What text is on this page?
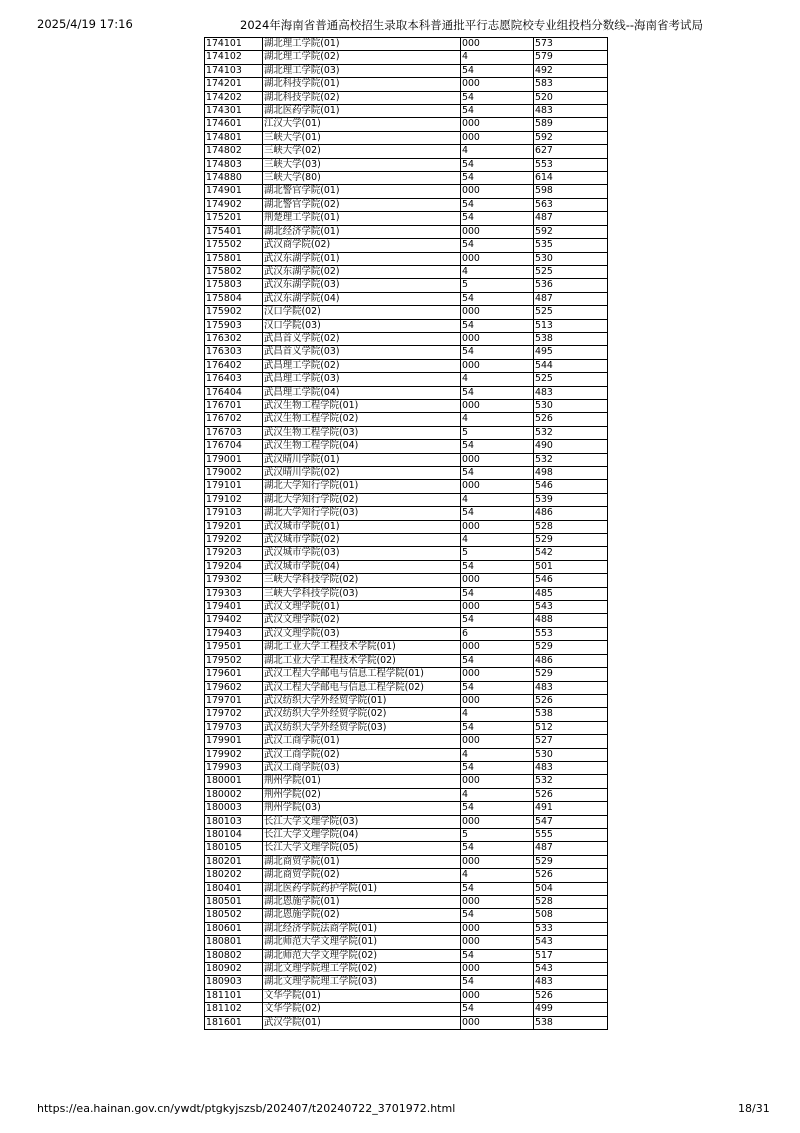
2025/4/19 17:16	2024年海南省普通高校招生录取本科普通批平行志愿院校专业组投档分数线--海南省考试局
174101	湖北理工学院(01)	000	573
174102	湖北理工学院(02)	4	579
174103	湖北理工学院(03)	54	492
174201	湖北科技学院(01)	000	583
174202	湖北科技学院(02)	54	520
174301	湖北医药学院(01)	54	483
174601	江汉大学(01)	000	589
174801	三峡大学(01)	000	592
174802	三峡大学(02)	4	627
174803	三峡大学(03)	54	553
174880	三峡大学(80)	54	614
174901	湖北警官学院(01)	000	598
174902	湖北警官学院(02)	54	563
175201	荆楚理工学院(01)	54	487
175401	湖北经济学院(01)	000	592
175502	武汉商学院(02)	54	535
175801	武汉东湖学院(01)	000	530
175802	武汉东湖学院(02)	4	525
175803	武汉东湖学院(03)	5	536
175804	武汉东湖学院(04)	54	487
175902	汉口学院(02)	000	525
175903	汉口学院(03)	54	513
176302	武昌首义学院(02)	000	538
176303	武昌首义学院(03)	54	495
176402	武昌理工学院(02)	000	544
176403	武昌理工学院(03)	4	525
176404	武昌理工学院(04)	54	483
176701	武汉生物工程学院(01)	000	530
176702	武汉生物工程学院(02)	4	526
176703	武汉生物工程学院(03)	5	532
176704	武汉生物工程学院(04)	54	490
179001	武汉晴川学院(01)	000	532
179002	武汉晴川学院(02)	54	498
179101	湖北大学知行学院(01)	000	546
179102	湖北大学知行学院(02)	4	539
179103	湖北大学知行学院(03)	54	486
179201	武汉城市学院(01)	000	528
179202	武汉城市学院(02)	4	529
179203	武汉城市学院(03)	5	542
179204	武汉城市学院(04)	54	501
179302	三峡大学科技学院(02)	000	546
179303	三峡大学科技学院(03)	54	485
179401	武汉文理学院(01)	000	543
179402	武汉文理学院(02)	54	488
179403	武汉文理学院(03)	6	553
179501	湖北工业大学工程技术学院(01)	000	529
179502	湖北工业大学工程技术学院(02)	54	486
179601	武汉工程大学邮电与信息工程学院(01)	000	529
179602	武汉工程大学邮电与信息工程学院(02)	54	483
179701	武汉纺织大学外经贸学院(01)	000	526
179702	武汉纺织大学外经贸学院(02)	4	538
179703	武汉纺织大学外经贸学院(03)	54	512
179901	武汉工商学院(01)	000	527
179902	武汉工商学院(02)	4	530
179903	武汉工商学院(03)	54	483
180001	荆州学院(01)	000	532
180002	荆州学院(02)	4	526
180003	荆州学院(03)	54	491
180103	长江大学文理学院(03)	000	547
180104	长江大学文理学院(04)	5	555
180105	长江大学文理学院(05)	54	487
180201	湖北商贸学院(01)	000	529
180202	湖北商贸学院(02)	4	526
180401	湖北医药学院药护学院(01)	54	504
180501	湖北恩施学院(01)	000	528
180502	湖北恩施学院(02)	54	508
180601	湖北经济学院法商学院(01)	000	533
180801	湖北师范大学文理学院(01)	000	543
180802	湖北师范大学文理学院(02)	54	517
180902	湖北文理学院理工学院(02)	000	543
180903	湖北文理学院理工学院(03)	54	483
181101	文华学院(01)	000	526
181102	文华学院(02)	54	499
181601	武汉学院(01)	000	538
https://ea.hainan.gov.cn/ywdt/ptgkyjszsb/202407/t20240722_3701972.html	18/31
